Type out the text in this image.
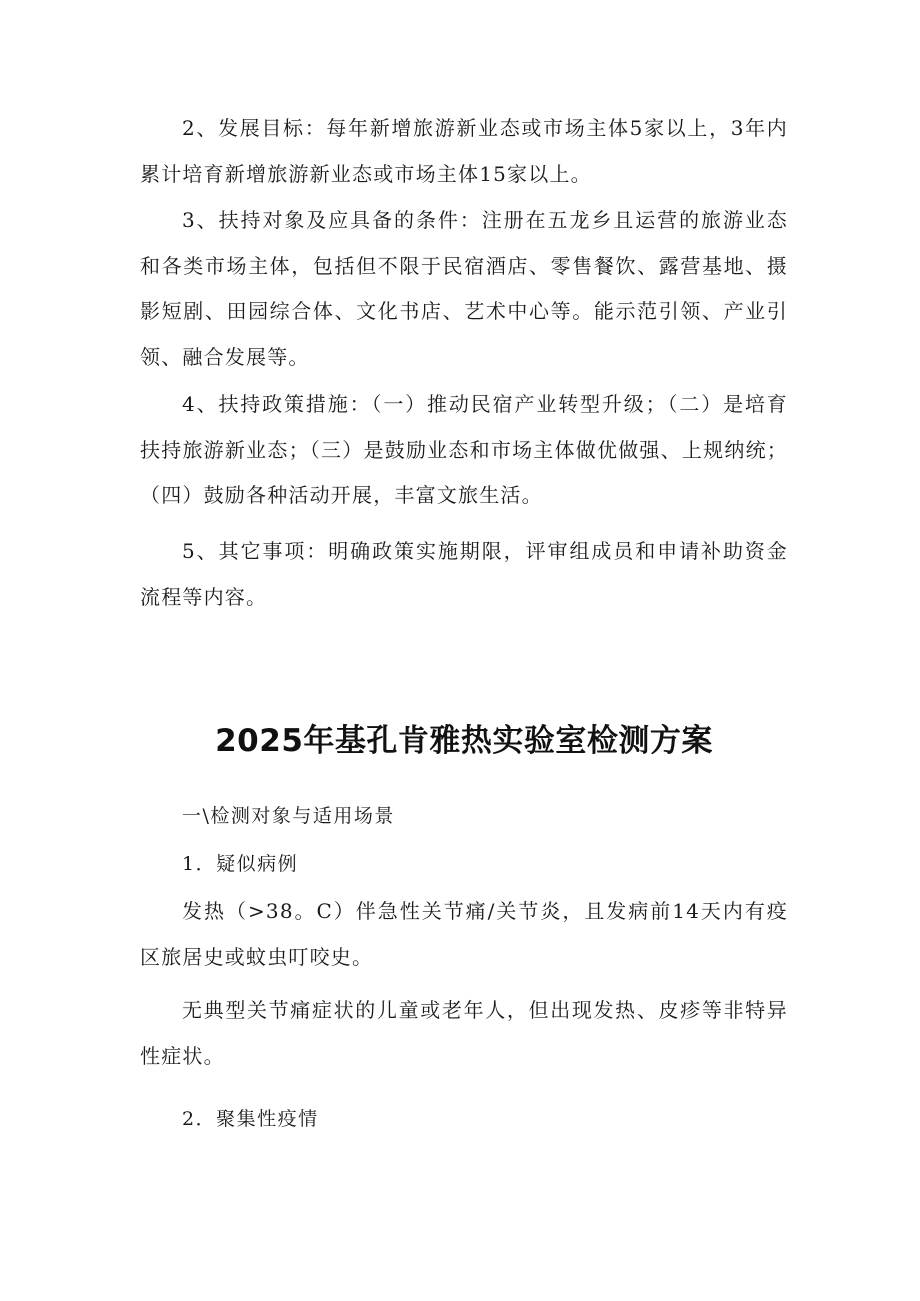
2、发展目标：每年新增旅游新业态或市场主体5家以上，3年内累计培育新增旅游新业态或市场主体15家以上。

3、扶持对象及应具备的条件：注册在五龙乡且运营的旅游业态和各类市场主体，包括但不限于民宿酒店、零售餐饮、露营基地、摄影短剧、田园综合体、文化书店、艺术中心等。能示范引领、产业引领、融合发展等。

4、扶持政策措施：（一）推动民宿产业转型升级；（二）是培育扶持旅游新业态；（三）是鼓励业态和市场主体做优做强、上规纳统；（四）鼓励各种活动开展，丰富文旅生活。

5、其它事项：明确政策实施期限，评审组成员和申请补助资金流程等内容。

2025年基孔肯雅热实验室检测方案

一\检测对象与适用场景

1．疑似病例

发热（>38。C）伴急性关节痛/关节炎，且发病前14天内有疫区旅居史或蚊虫叮咬史。

无典型关节痛症状的儿童或老年人，但出现发热、皮疹等非特异性症状。

2．聚集性疫情
